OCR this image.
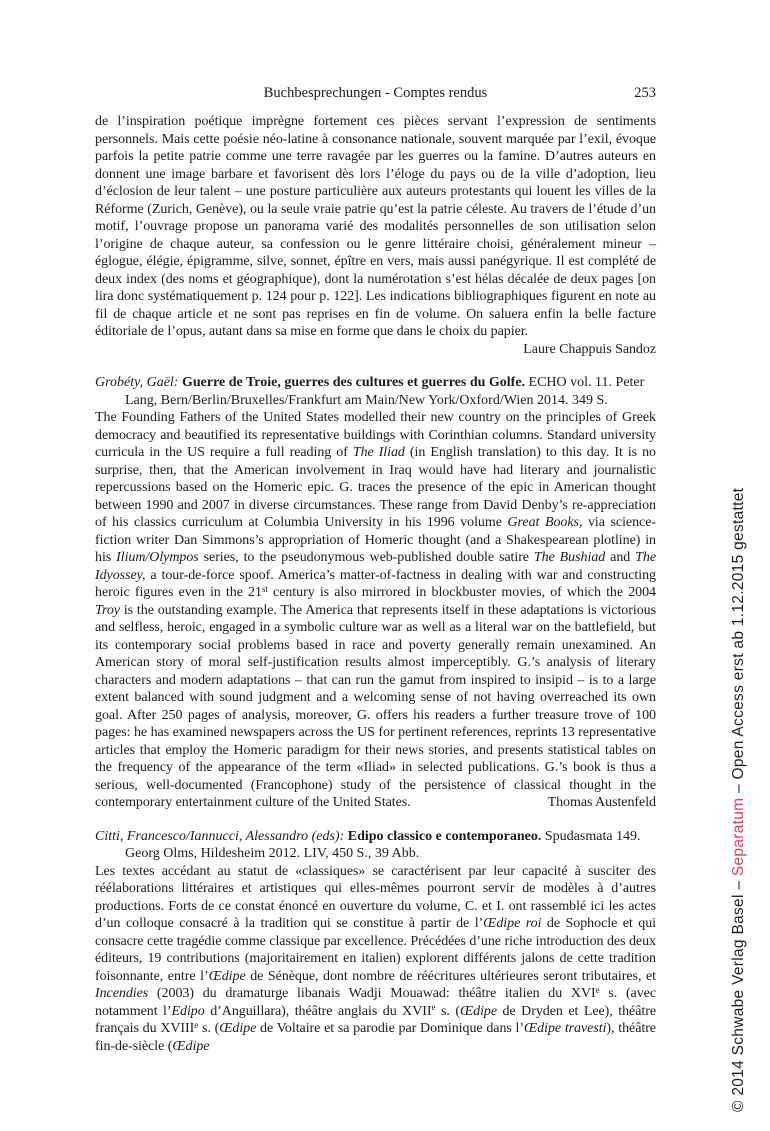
Buchbesprechungen - Comptes rendus	253
de l’inspiration poétique imprègne fortement ces pièces servant l’expression de sentiments personnels. Mais cette poésie néo-latine à consonance nationale, souvent marquée par l’exil, évoque parfois la petite patrie comme une terre ravagée par les guerres ou la famine. D’autres auteurs en donnent une image barbare et favorisent dès lors l’éloge du pays ou de la ville d’adoption, lieu d’éclosion de leur talent – une posture particulière aux auteurs protestants qui louent les villes de la Réforme (Zurich, Genève), ou la seule vraie patrie qu’est la patrie céleste. Au travers de l’étude d’un motif, l’ouvrage propose un panorama varié des modalités personnelles de son utilisation selon l’origine de chaque auteur, sa confession ou le genre littéraire choisi, généralement mineur – églogue, élégie, épigramme, silve, sonnet, épître en vers, mais aussi panégyrique. Il est complété de deux index (des noms et géographique), dont la numérotation s’est hélas décalée de deux pages [on lira donc systématiquement p. 124 pour p. 122]. Les indications bibliographiques figurent en note au fil de chaque article et ne sont pas reprises en fin de volume. On saluera enfin la belle facture éditoriale de l’opus, autant dans sa mise en forme que dans le choix du papier.
Laure Chappuis Sandoz
Grobéty, Gaël: Guerre de Troie, guerres des cultures et guerres du Golfe. ECHO vol. 11. Peter Lang, Bern/Berlin/Bruxelles/Frankfurt am Main/New York/Oxford/Wien 2014. 349 S.
The Founding Fathers of the United States modelled their new country on the principles of Greek democracy and beautified its representative buildings with Corinthian columns. Standard university curricula in the US require a full reading of The Iliad (in English translation) to this day. It is no surprise, then, that the American involvement in Iraq would have had literary and journalistic repercussions based on the Homeric epic. G. traces the presence of the epic in American thought between 1990 and 2007 in diverse circumstances. These range from David Denby’s re-appreciation of his classics curriculum at Columbia University in his 1996 volume Great Books, via science-fiction writer Dan Simmons’s appropriation of Homeric thought (and a Shakespearean plotline) in his Ilium/Olympos series, to the pseudonymous web-published double satire The Bushiad and The Idyossey, a tour-de-force spoof. America’s matter-of-factness in dealing with war and constructing heroic figures even in the 21st century is also mirrored in blockbuster movies, of which the 2004 Troy is the outstanding example. The America that represents itself in these adaptations is victorious and selfless, heroic, engaged in a symbolic culture war as well as a literal war on the battlefield, but its contemporary social problems based in race and poverty generally remain unexamined. An American story of moral self-justification results almost imperceptibly. G.’s analysis of literary characters and modern adaptations – that can run the gamut from inspired to insipid – is to a large extent balanced with sound judgment and a welcoming sense of not having overreached its own goal. After 250 pages of analysis, moreover, G. offers his readers a further treasure trove of 100 pages: he has examined newspapers across the US for pertinent references, reprints 13 representative articles that employ the Homeric paradigm for their news stories, and presents statistical tables on the frequency of the appearance of the term «Iliad» in selected publications. G.’s book is thus a serious, well-documented (Francophone) study of the persistence of classical thought in the contemporary entertainment culture of the United States.	Thomas Austenfeld
Citti, Francesco/Iannucci, Alessandro (eds): Edipo classico e contemporaneo. Spudasmata 149. Georg Olms, Hildesheim 2012. LIV, 450 S., 39 Abb.
Les textes accédant au statut de «classiques» se caractérisent par leur capacité à susciter des réélaborations littéraires et artistiques qui elles-mêmes pourront servir de modèles à d’autres productions. Forts de ce constat énoncé en ouverture du volume, C. et I. ont rassemblé ici les actes d’un colloque consacré à la tradition qui se constitue à partir de l’Œdipe roi de Sophocle et qui consacre cette tragédie comme classique par excellence. Précédées d’une riche introduction des deux éditeurs, 19 contributions (majoritairement en italien) explorent différents jalons de cette tradition foisonnante, entre l’Œdipe de Sénèque, dont nombre de réécritures ultérieures seront tributaires, et Incendies (2003) du dramaturge libanais Wadji Mouawad: théâtre italien du XVIe s. (avec notamment l’Edipo d’Anguillara), théâtre anglais du XVIIe s. (Œdipe de Dryden et Lee), théâtre français du XVIIIe s. (Œdipe de Voltaire et sa parodie par Dominique dans l’Œdipe travesti), théâtre fin-de-siècle (Œdipe	© 2014 Schwabe Verlag Basel – Separatum – Open Access erst ab 1.12.2015 gestattet
